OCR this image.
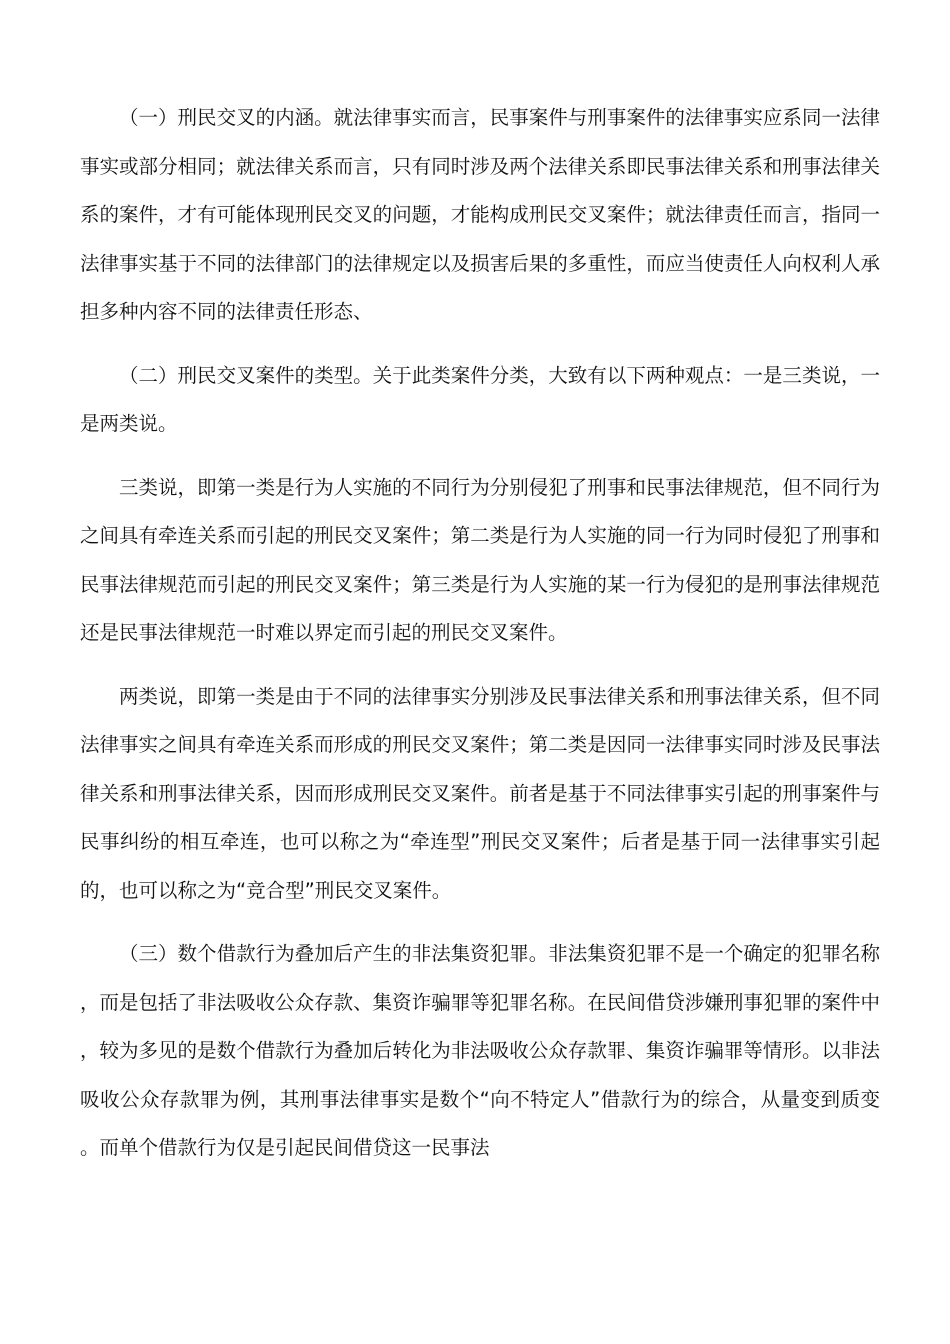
（一）刑民交叉的内涵。就法律事实而言，民事案件与刑事案件的法律事实应系同一法律事实或部分相同；就法律关系而言，只有同时涉及两个法律关系即民事法律关系和刑事法律关系的案件，才有可能体现刑民交叉的问题，才能构成刑民交叉案件；就法律责任而言，指同一法律事实基于不同的法律部门的法律规定以及损害后果的多重性，而应当使责任人向权利人承担多种内容不同的法律责任形态、

（二）刑民交叉案件的类型。关于此类案件分类，大致有以下两种观点：一是三类说，一是两类说。

三类说，即第一类是行为人实施的不同行为分别侵犯了刑事和民事法律规范，但不同行为之间具有牵连关系而引起的刑民交叉案件；第二类是行为人实施的同一行为同时侵犯了刑事和民事法律规范而引起的刑民交叉案件；第三类是行为人实施的某一行为侵犯的是刑事法律规范还是民事法律规范一时难以界定而引起的刑民交叉案件。

两类说，即第一类是由于不同的法律事实分别涉及民事法律关系和刑事法律关系，但不同法律事实之间具有牵连关系而形成的刑民交叉案件；第二类是因同一法律事实同时涉及民事法律关系和刑事法律关系，因而形成刑民交叉案件。前者是基于不同法律事实引起的刑事案件与民事纠纷的相互牵连，也可以称之为“牵连型”刑民交叉案件；后者是基于同一法律事实引起的，也可以称之为“竞合型”刑民交叉案件。

（三）数个借款行为叠加后产生的非法集资犯罪。非法集资犯罪不是一个确定的犯罪名称，而是包括了非法吸收公众存款、集资诈骗罪等犯罪名称。在民间借贷涉嫌刑事犯罪的案件中，较为多见的是数个借款行为叠加后转化为非法吸收公众存款罪、集资诈骗罪等情形。以非法吸收公众存款罪为例，其刑事法律事实是数个“向不特定人”借款行为的综合，从量变到质变。而单个借款行为仅是引起民间借贷这一民事法
